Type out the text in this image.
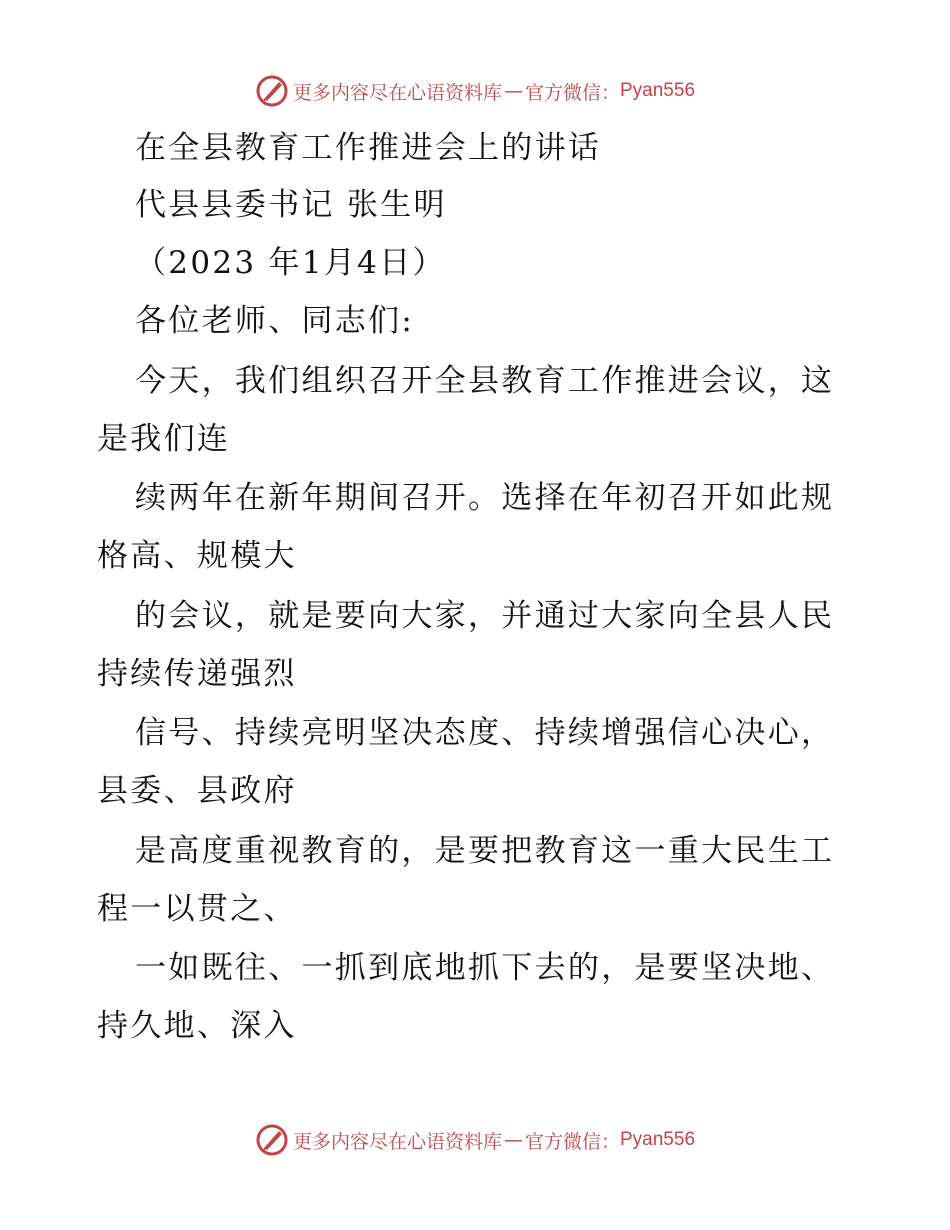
更多内容尽在心语资料库 — 官方微信： Pyan556
在全县教育工作推进会上的讲话
代县县委书记 张生明
（2023 年1月4日）
各位老师、同志们:
今天，我们组织召开全县教育工作推进会议，这
是我们连
续两年在新年期间召开。选择在年初召开如此规
格高、规模大
的会议，就是要向大家，并通过大家向全县人民
持续传递强烈
信号、持续亮明坚决态度、持续增强信心决心，
县委、县政府
是高度重视教育的，是要把教育这一重大民生工
程一以贯之、
一如既往、一抓到底地抓下去的，是要坚决地、
持久地、深入
更多内容尽在心语资料库 — 官方微信： Pyan556
